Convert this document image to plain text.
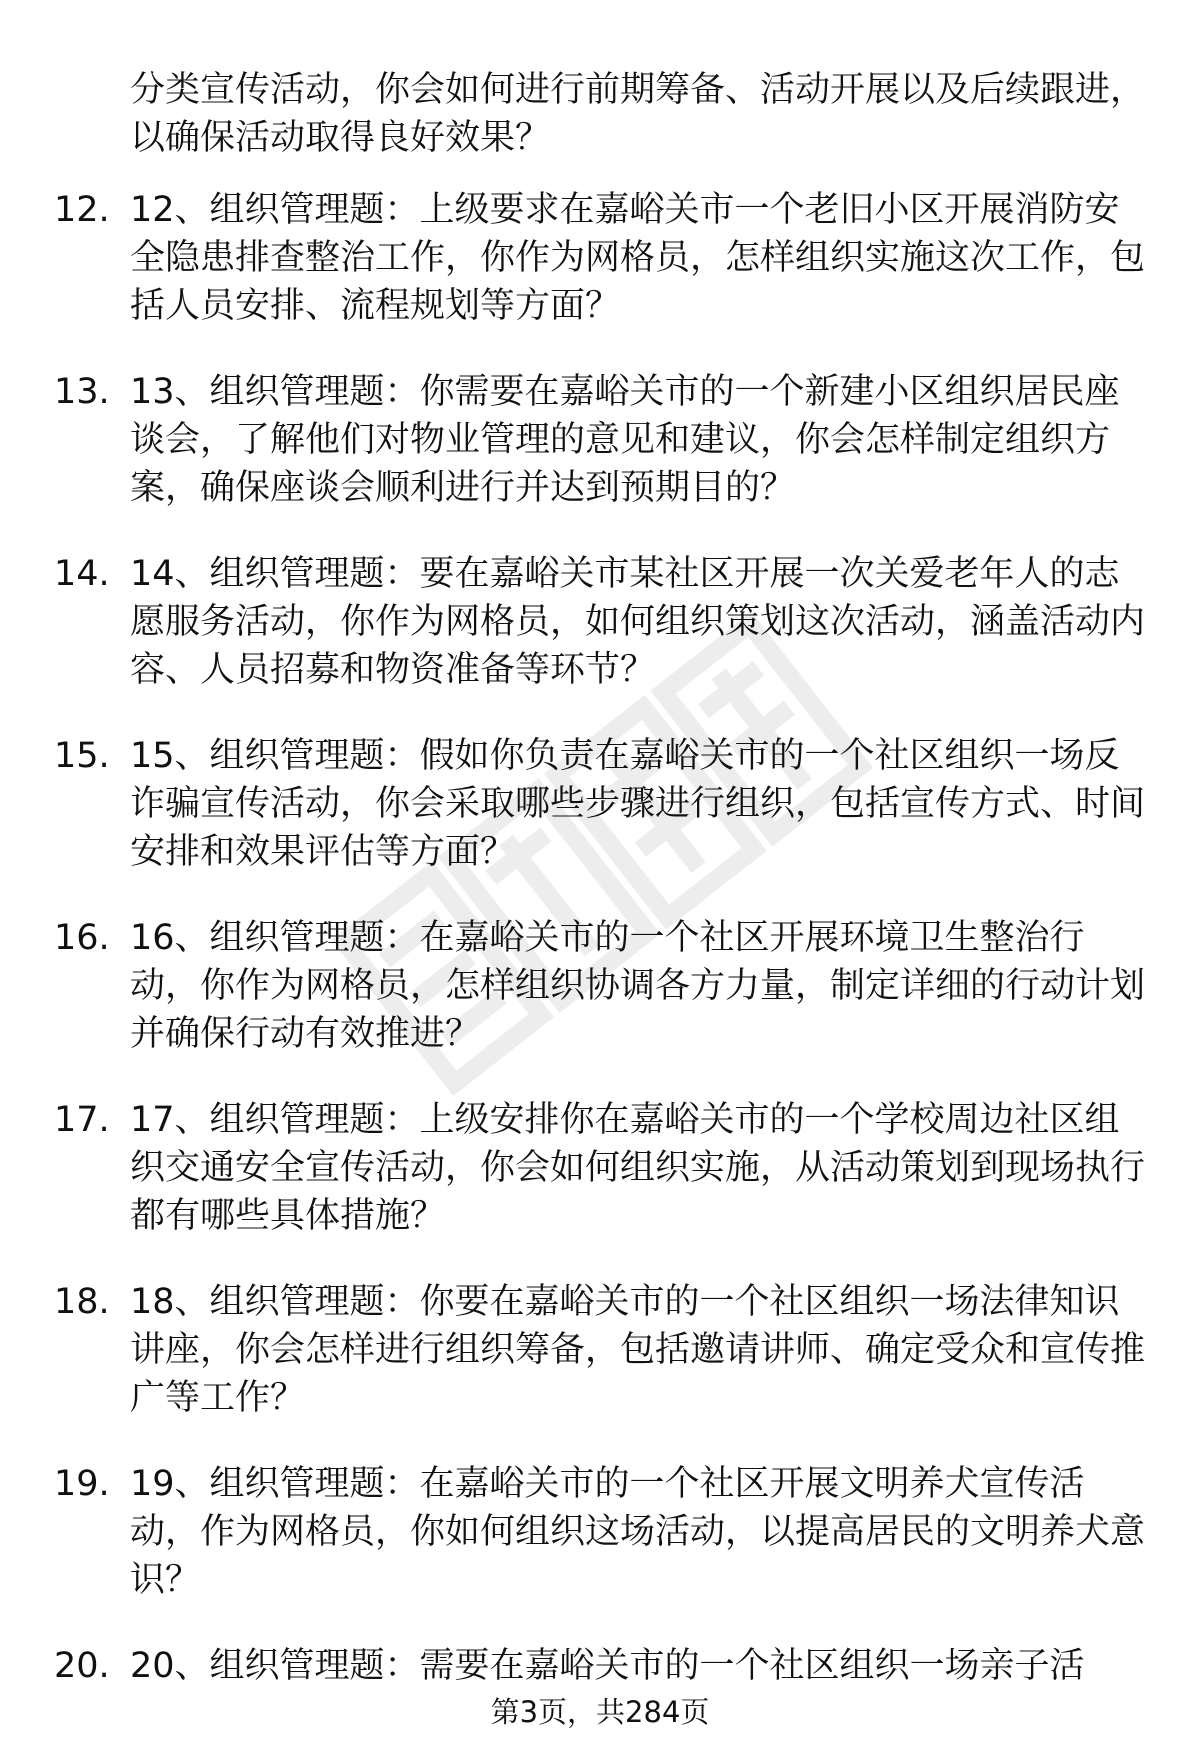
分类宣传活动，你会如何进行前期筹备、活动开展以及后续跟进，以确保活动取得良好效果？

12. 12、组织管理题：上级要求在嘉峪关市一个老旧小区开展消防安全隐患排查整治工作，你作为网格员，怎样组织实施这次工作，包括人员安排、流程规划等方面？

13. 13、组织管理题：你需要在嘉峪关市的一个新建小区组织居民座谈会，了解他们对物业管理的意见和建议，你会怎样制定组织方案，确保座谈会顺利进行并达到预期目的？

14. 14、组织管理题：要在嘉峪关市某社区开展一次关爱老年人的志愿服务活动，你作为网格员，如何组织策划这次活动，涵盖活动内容、人员招募和物资准备等环节？

15. 15、组织管理题：假如你负责在嘉峪关市的一个社区组织一场反诈骗宣传活动，你会采取哪些步骤进行组织，包括宣传方式、时间安排和效果评估等方面？

16. 16、组织管理题：在嘉峪关市的一个社区开展环境卫生整治行动，你作为网格员，怎样组织协调各方力量，制定详细的行动计划并确保行动有效推进？

17. 17、组织管理题：上级安排你在嘉峪关市的一个学校周边社区组织交通安全宣传活动，你会如何组织实施，从活动策划到现场执行都有哪些具体措施？

18. 18、组织管理题：你要在嘉峪关市的一个社区组织一场法律知识讲座，你会怎样进行组织筹备，包括邀请讲师、确定受众和宣传推广等工作？

19. 19、组织管理题：在嘉峪关市的一个社区开展文明养犬宣传活动，作为网格员，你如何组织这场活动，以提高居民的文明养犬意识？

20. 20、组织管理题：需要在嘉峪关市的一个社区组织一场亲子活

第3页，共284页
